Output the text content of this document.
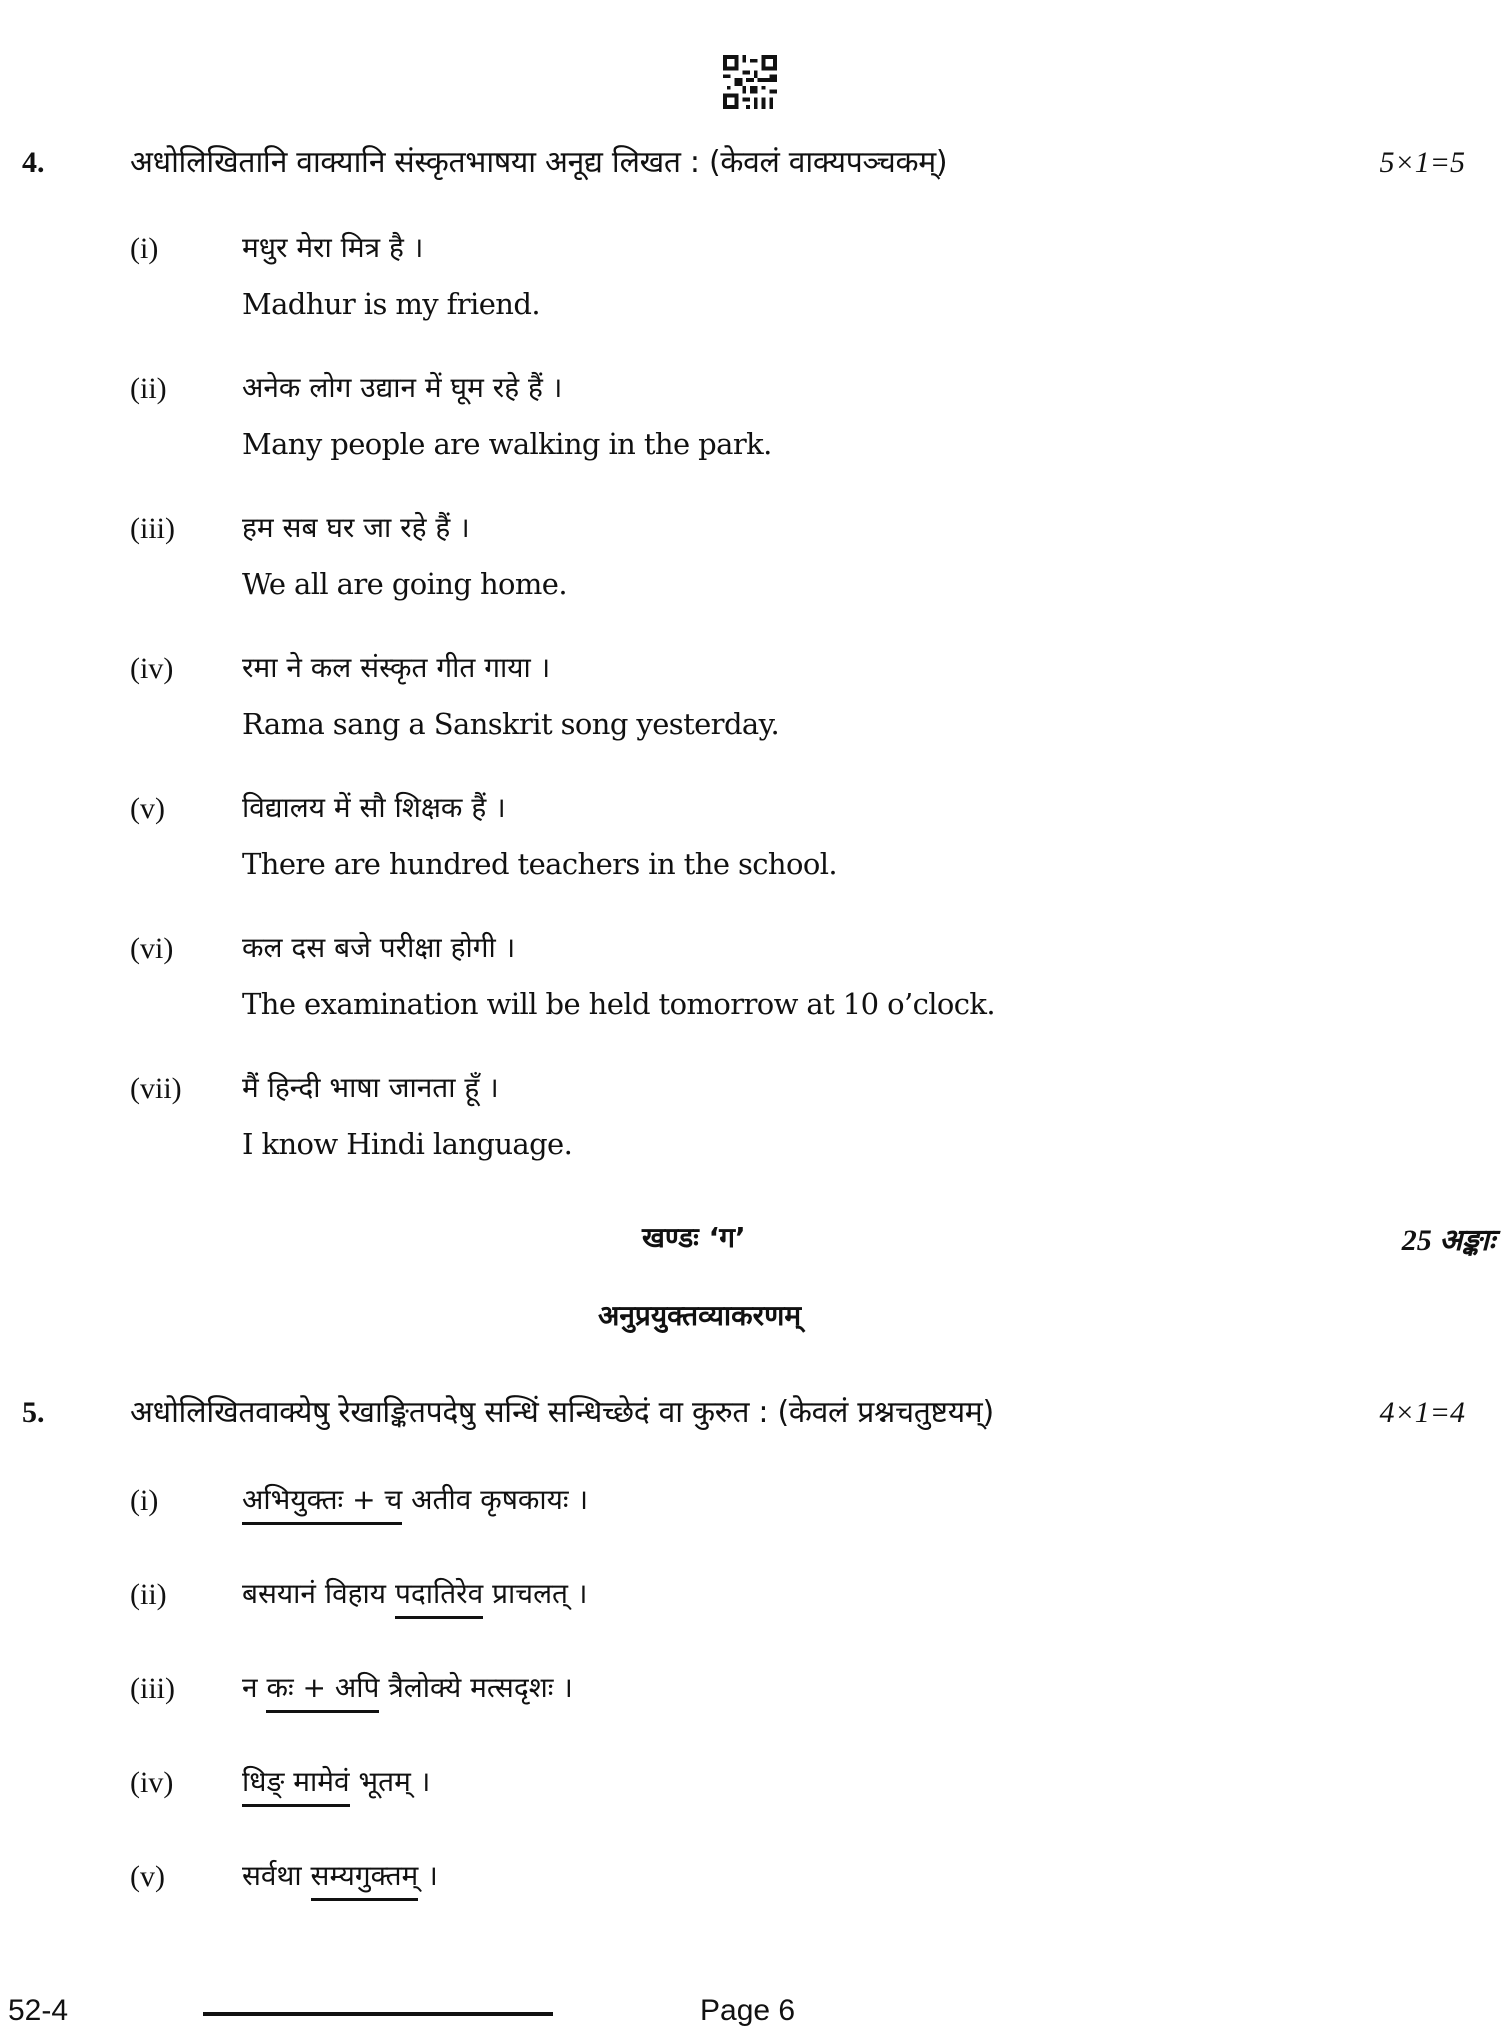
4.	अधोलिखितानि वाक्यानि संस्कृतभाषया अनूद्य लिखत : (केवलं वाक्यपञ्चकम्)	5×1=5
(i)	मधुर मेरा मित्र है ।
Madhur is my friend.
(ii)	अनेक लोग उद्यान में घूम रहे हैं ।
Many people are walking in the park.
(iii) हम सब घर जा रहे हैं ।
We all are going home.
(iv) रमा ने कल संस्कृत गीत गाया ।
Rama sang a Sanskrit song yesterday.
(v)	विद्यालय में सौ शिक्षक हैं ।
There are hundred teachers in the school.
(vi) कल दस बजे परीक्षा होगी ।
The examination will be held tomorrow at 10 o’clock.
(vii) मैं हिन्दी भाषा जानता हूँ ।
I know Hindi language.
खण्डः ‘ग’	25 अङ्काः
अनुप्रयुक्तव्याकरणम्
5.	अधोलिखितवाक्येषु रेखाङ्कितपदेषु सन्धिं सन्धिच्छेदं वा कुरुत : (केवलं प्रश्नचतुष्टयम्)	4×1=4
(i)	अभियुक्तः + च अतीव कृषकायः ।
(ii)	बसयानं विहाय पदातिरेव प्राचलत् ।
(iii) न कः + अपि त्रैलोक्ये मत्सदृशः ।
(iv) धिङ् मामेवं भूतम् ।
(v)	सर्वथा सम्यगुक्तम् ।
52-4	Page 6
